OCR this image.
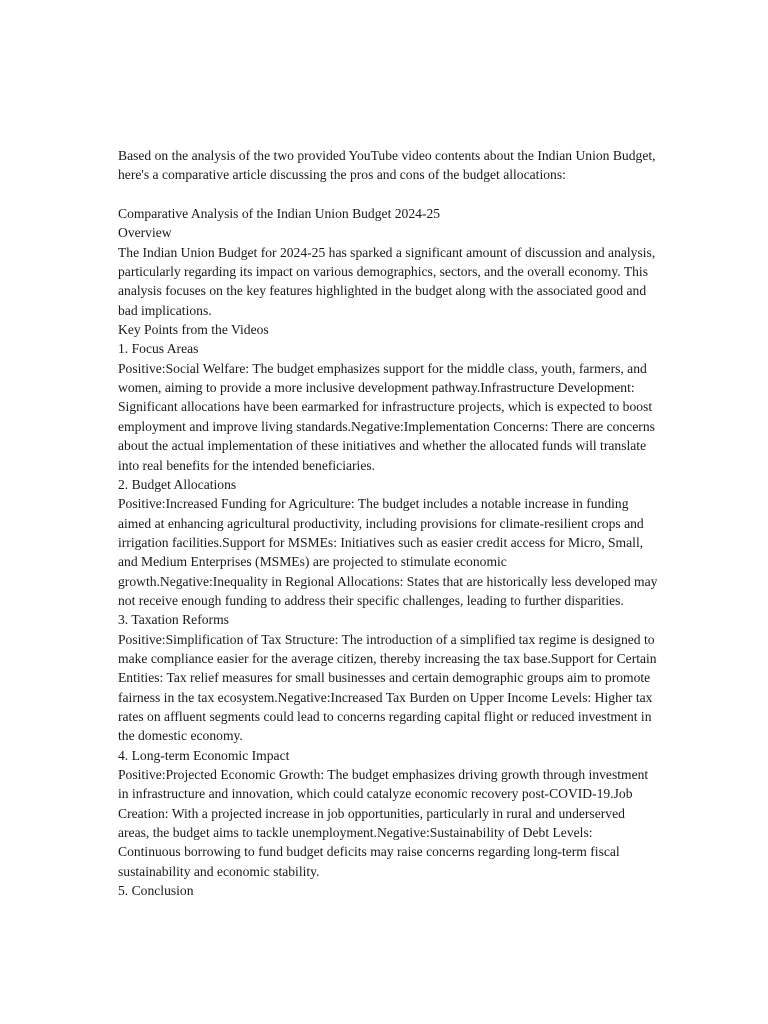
Based on the analysis of the two provided YouTube video contents about the Indian Union Budget, here's a comparative article discussing the pros and cons of the budget allocations:

Comparative Analysis of the Indian Union Budget 2024-25

Overview

The Indian Union Budget for 2024-25 has sparked a significant amount of discussion and analysis, particularly regarding its impact on various demographics, sectors, and the overall economy. This analysis focuses on the key features highlighted in the budget along with the associated good and bad implications.

Key Points from the Videos

1. Focus Areas

Positive:Social Welfare: The budget emphasizes support for the middle class, youth, farmers, and women, aiming to provide a more inclusive development pathway.Infrastructure Development: Significant allocations have been earmarked for infrastructure projects, which is expected to boost employment and improve living standards.Negative:Implementation Concerns: There are concerns about the actual implementation of these initiatives and whether the allocated funds will translate into real benefits for the intended beneficiaries.

2. Budget Allocations

Positive:Increased Funding for Agriculture: The budget includes a notable increase in funding aimed at enhancing agricultural productivity, including provisions for climate-resilient crops and irrigation facilities.Support for MSMEs: Initiatives such as easier credit access for Micro, Small, and Medium Enterprises (MSMEs) are projected to stimulate economic growth.Negative:Inequality in Regional Allocations: States that are historically less developed may not receive enough funding to address their specific challenges, leading to further disparities.

3. Taxation Reforms

Positive:Simplification of Tax Structure: The introduction of a simplified tax regime is designed to make compliance easier for the average citizen, thereby increasing the tax base.Support for Certain Entities: Tax relief measures for small businesses and certain demographic groups aim to promote fairness in the tax ecosystem.Negative:Increased Tax Burden on Upper Income Levels: Higher tax rates on affluent segments could lead to concerns regarding capital flight or reduced investment in the domestic economy.

4. Long-term Economic Impact

Positive:Projected Economic Growth: The budget emphasizes driving growth through investment in infrastructure and innovation, which could catalyze economic recovery post-COVID-19.Job Creation: With a projected increase in job opportunities, particularly in rural and underserved areas, the budget aims to tackle unemployment.Negative:Sustainability of Debt Levels: Continuous borrowing to fund budget deficits may raise concerns regarding long-term fiscal sustainability and economic stability.

5. Conclusion
